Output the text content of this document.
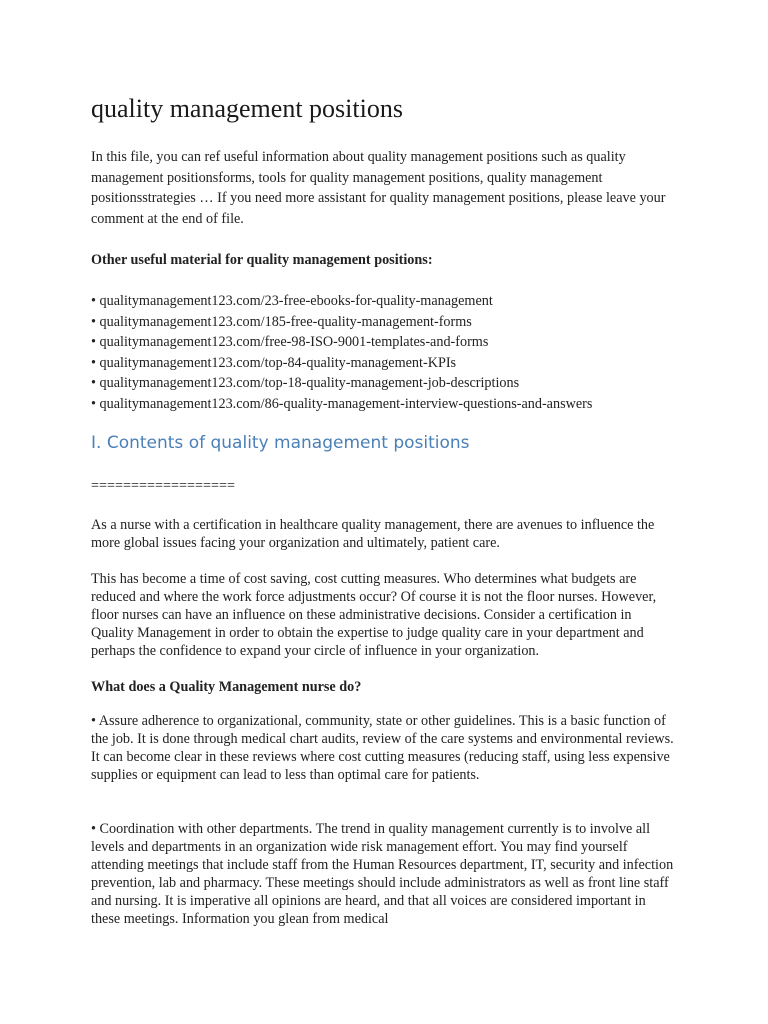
quality management positions

In this file, you can ref useful information about quality management positions such as quality management positionsforms, tools for quality management positions, quality management positionsstrategies … If you need more assistant for quality management positions, please leave your comment at the end of file.

Other useful material for quality management positions:

• qualitymanagement123.com/23-free-ebooks-for-quality-management
• qualitymanagement123.com/185-free-quality-management-forms
• qualitymanagement123.com/free-98-ISO-9001-templates-and-forms
• qualitymanagement123.com/top-84-quality-management-KPIs
• qualitymanagement123.com/top-18-quality-management-job-descriptions
• qualitymanagement123.com/86-quality-management-interview-questions-and-answers
I. Contents of quality management positions

==================

As a nurse with a certification in healthcare quality management, there are avenues to influence the more global issues facing your organization and ultimately, patient care.

This has become a time of cost saving, cost cutting measures. Who determines what budgets are reduced and where the work force adjustments occur? Of course it is not the floor nurses. However, floor nurses can have an influence on these administrative decisions. Consider a certification in Quality Management in order to obtain the expertise to judge quality care in your department and perhaps the confidence to expand your circle of influence in your organization.

What does a Quality Management nurse do?

• Assure adherence to organizational, community, state or other guidelines. This is a basic function of the job. It is done through medical chart audits, review of the care systems and environmental reviews. It can become clear in these reviews where cost cutting measures (reducing staff, using less expensive supplies or equipment can lead to less than optimal care for patients.

• Coordination with other departments. The trend in quality management currently is to involve all levels and departments in an organization wide risk management effort. You may find yourself attending meetings that include staff from the Human Resources department, IT, security and infection prevention, lab and pharmacy. These meetings should include administrators as well as front line staff and nursing. It is imperative all opinions are heard, and that all voices are considered important in these meetings. Information you glean from medical
